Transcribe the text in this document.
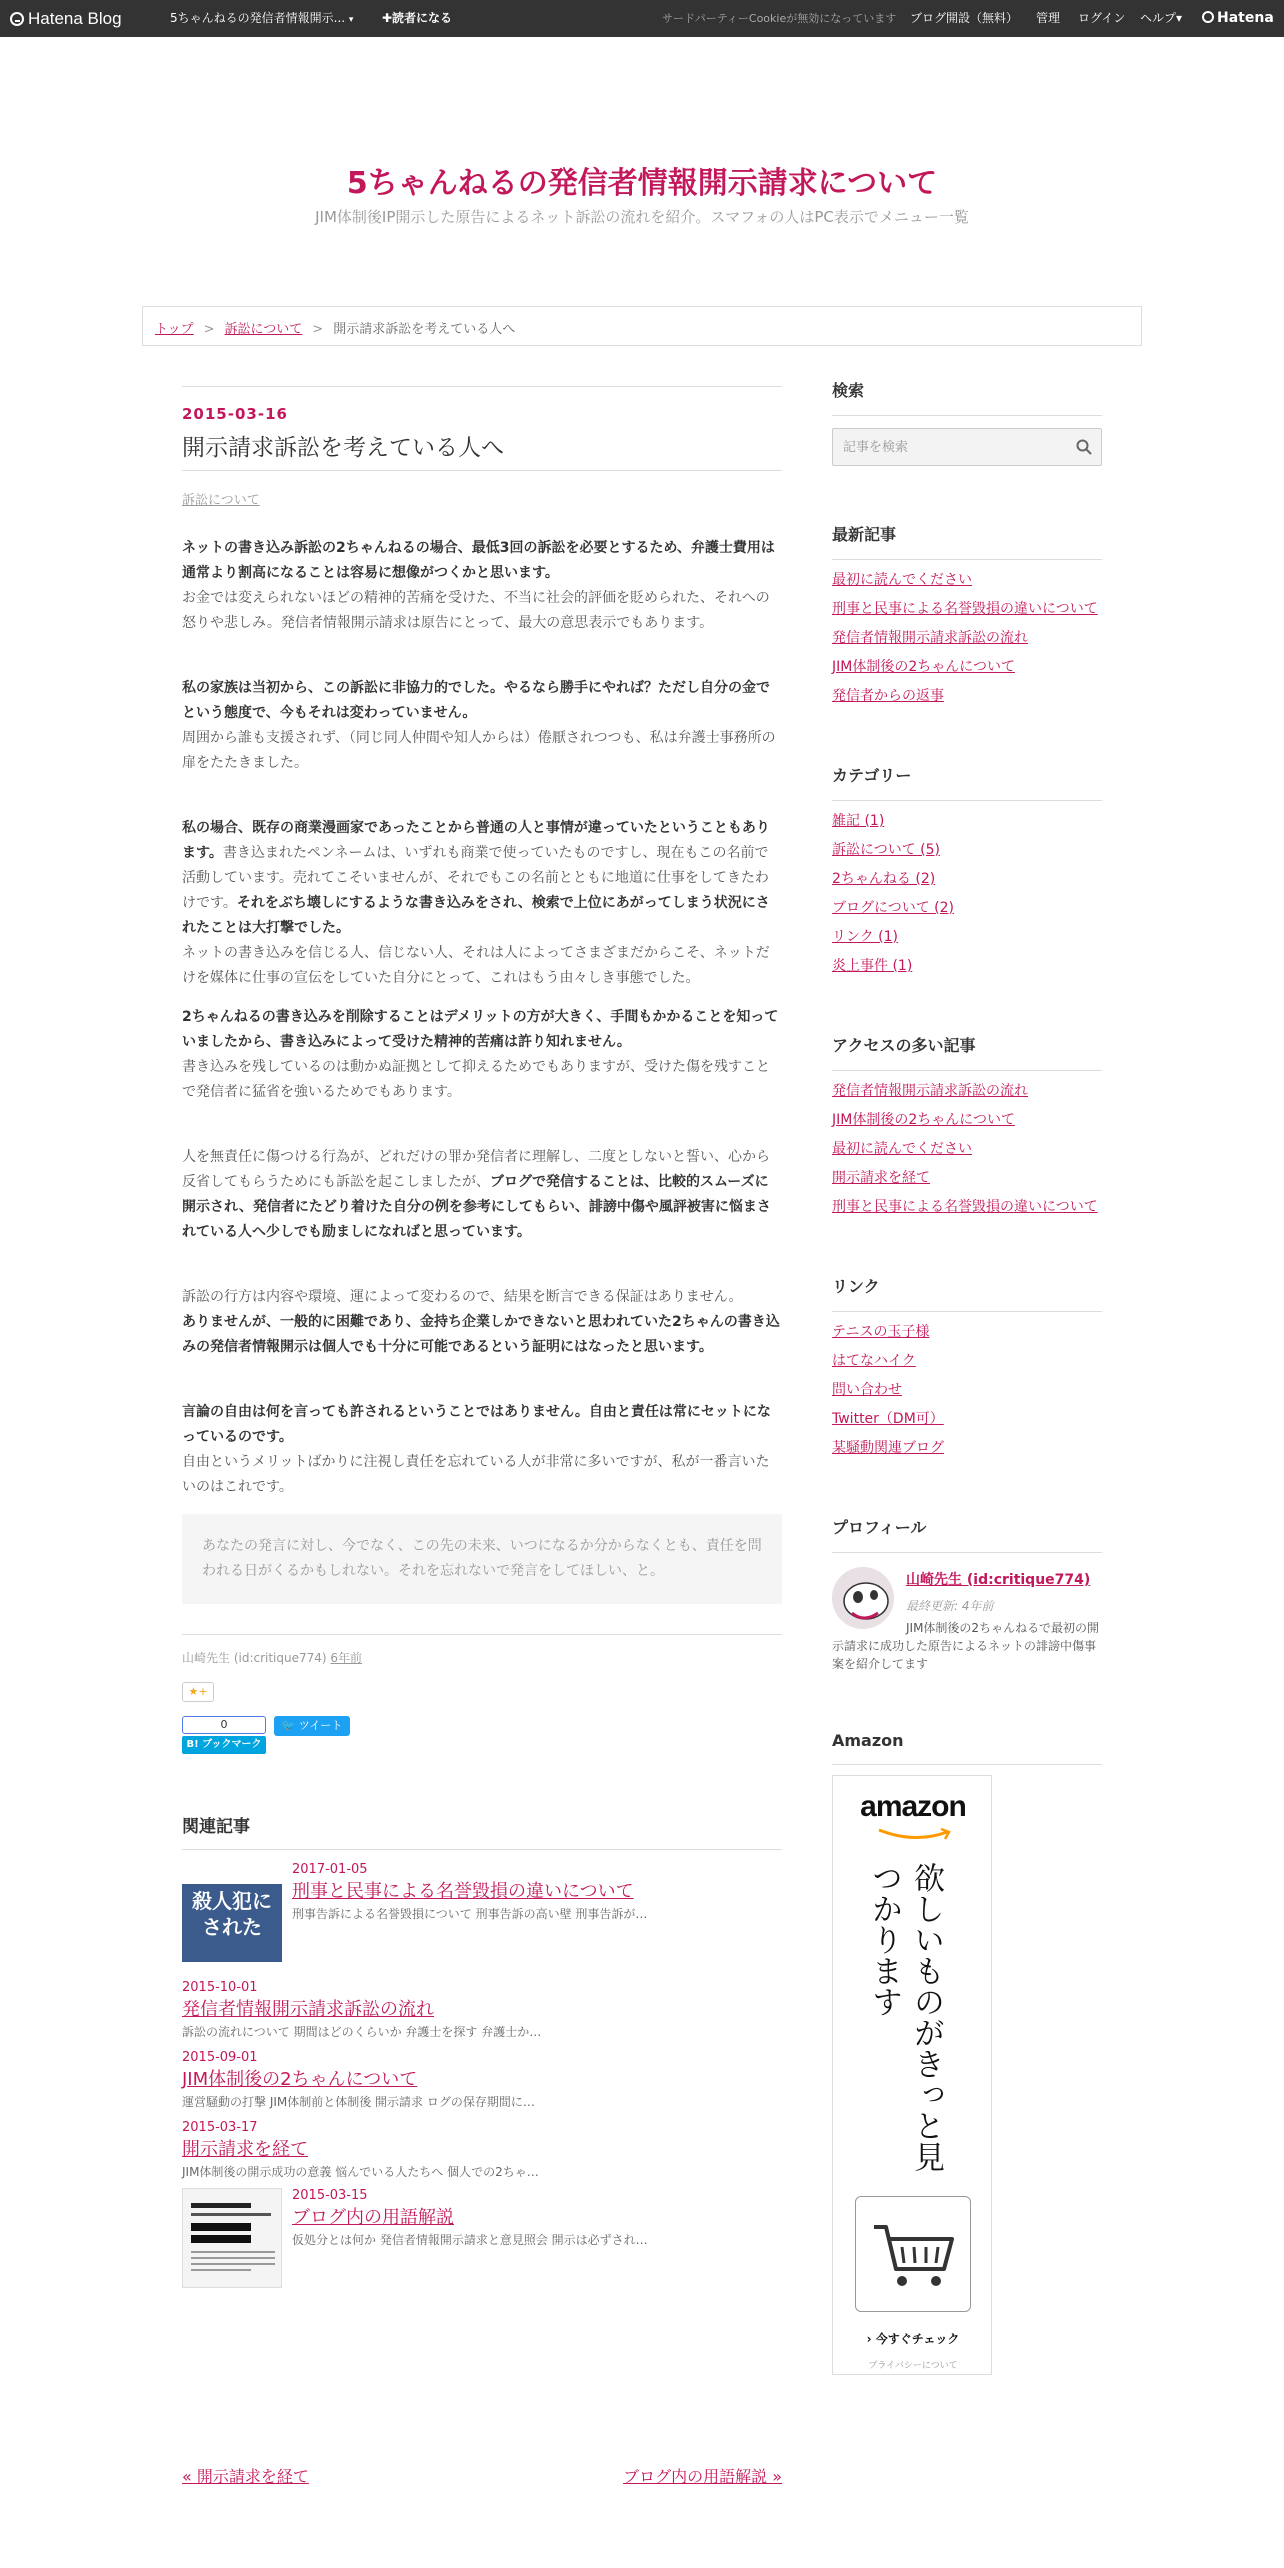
Hatena Blog	5ちゃんねるの発信者情報開示... ▾ ✚読者になる	サードパーティーCookieが無効になっています ブログ開設（無料） 管理 ログイン ヘルプ▾	Hatena
5ちゃんねるの発信者情報開示請求について
JIM体制後IP開示した原告によるネット訴訟の流れを紹介。スマフォの人はPC表示でメニュー一覧
トップ > 訴訟について > 開示請求訴訟を考えている人へ
2015-03-16
開示請求訴訟を考えている人へ
訴訟について
ネットの書き込み訴訟の2ちゃんねるの場合、最低3回の訴訟を必要とするため、弁護士費用は通常より割高になることは容易に想像がつくかと思います。
お金では変えられないほどの精神的苦痛を受けた、不当に社会的評価を貶められた、それへの怒りや悲しみ。発信者情報開示請求は原告にとって、最大の意思表示でもあります。
私の家族は当初から、この訴訟に非協力的でした。やるなら勝手にやれば？ただし自分の金でという態度で、今もそれは変わっていません。
周囲から誰も支援されず、（同じ同人仲間や知人からは）倦厭されつつも、私は弁護士事務所の扉をたたきました。
私の場合、既存の商業漫画家であったことから普通の人と事情が違っていたということもあります。書き込まれたペンネームは、いずれも商業で使っていたものですし、現在もこの名前で活動しています。売れてこそいませんが、それでもこの名前とともに地道に仕事をしてきたわけです。それをぶち壊しにするような書き込みをされ、検索で上位にあがってしまう状況にされたことは大打撃でした。
ネットの書き込みを信じる人、信じない人、それは人によってさまざまだからこそ、ネットだけを媒体に仕事の宣伝をしていた自分にとって、これはもう由々しき事態でした。
2ちゃんねるの書き込みを削除することはデメリットの方が大きく、手間もかかることを知っていましたから、書き込みによって受けた精神的苦痛は許り知れません。
書き込みを残しているのは動かぬ証拠として抑えるためでもありますが、受けた傷を残すことで発信者に猛省を強いるためでもあります。
人を無責任に傷つける行為が、どれだけの罪か発信者に理解し、二度としないと誓い、心から反省してもらうためにも訴訟を起こしましたが、ブログで発信することは、比較的スムーズに開示され、発信者にたどり着けた自分の例を参考にしてもらい、誹謗中傷や風評被害に悩まされている人へ少しでも励ましになればと思っています。
訴訟の行方は内容や環境、運によって変わるので、結果を断言できる保証はありません。
ありませんが、一般的に困難であり、金持ち企業しかできないと思われていた2ちゃんの書き込みの発信者情報開示は個人でも十分に可能であるという証明にはなったと思います。
言論の自由は何を言っても許されるということではありません。自由と責任は常にセットになっているのです。
自由というメリットばかりに注視し責任を忘れている人が非常に多いですが、私が一番言いたいのはこれです。
あなたの発言に対し、今でなく、この先の未来、いつになるか分からなくとも、責任を問われる日がくるかもしれない。それを忘れないで発言をしてほしい、と。
山崎先生 (id:critique774) 6年前
★+
0
B! ブックマーク
🐦 ツイート
関連記事
殺人犯にされた
2017-01-05
刑事と民事による名誉毀損の違いについて
刑事告訴による名誉毀損について 刑事告訴の高い壁 刑事告訴が…
2015-10-01
発信者情報開示請求訴訟の流れ
訴訟の流れについて 期間はどのくらいか 弁護士を探す 弁護士か…
2015-09-01
JIM体制後の2ちゃんについて
運営騒動の打撃 JIM体制前と体制後 開示請求 ログの保存期間に…
2015-03-17
開示請求を経て
JIM体制後の開示成功の意義 悩んでいる人たちへ 個人での2ちゃ…
2015-03-15
ブログ内の用語解説
仮処分とは何か 発信者情報開示請求と意見照会 開示は必ずされ…
« 開示請求を経て	ブログ内の用語解説 »
検索
記事を検索
最新記事
最初に読んでください
刑事と民事による名誉毀損の違いについて
発信者情報開示請求訴訟の流れ
JIM体制後の2ちゃんについて
発信者からの返事
カテゴリー
雑記 (1)
訴訟について (5)
2ちゃんねる (2)
ブログについて (2)
リンク (1)
炎上事件 (1)
アクセスの多い記事
発信者情報開示請求訴訟の流れ
JIM体制後の2ちゃんについて
最初に読んでください
開示請求を経て
刑事と民事による名誉毀損の違いについて
リンク
テニスの玉子様
はてなハイク
問い合わせ
Twitter（DM可）
某騒動関連ブログ
プロフィール
山崎先生 (id:critique774)
最終更新: 4年前
JIM体制後の2ちゃんねるで最初の開示請求に成功した原告によるネットの誹謗中傷事案を紹介してます
Amazon
amazon
欲しいものがきっと見つかります
› 今すぐチェック
プライバシーについて
